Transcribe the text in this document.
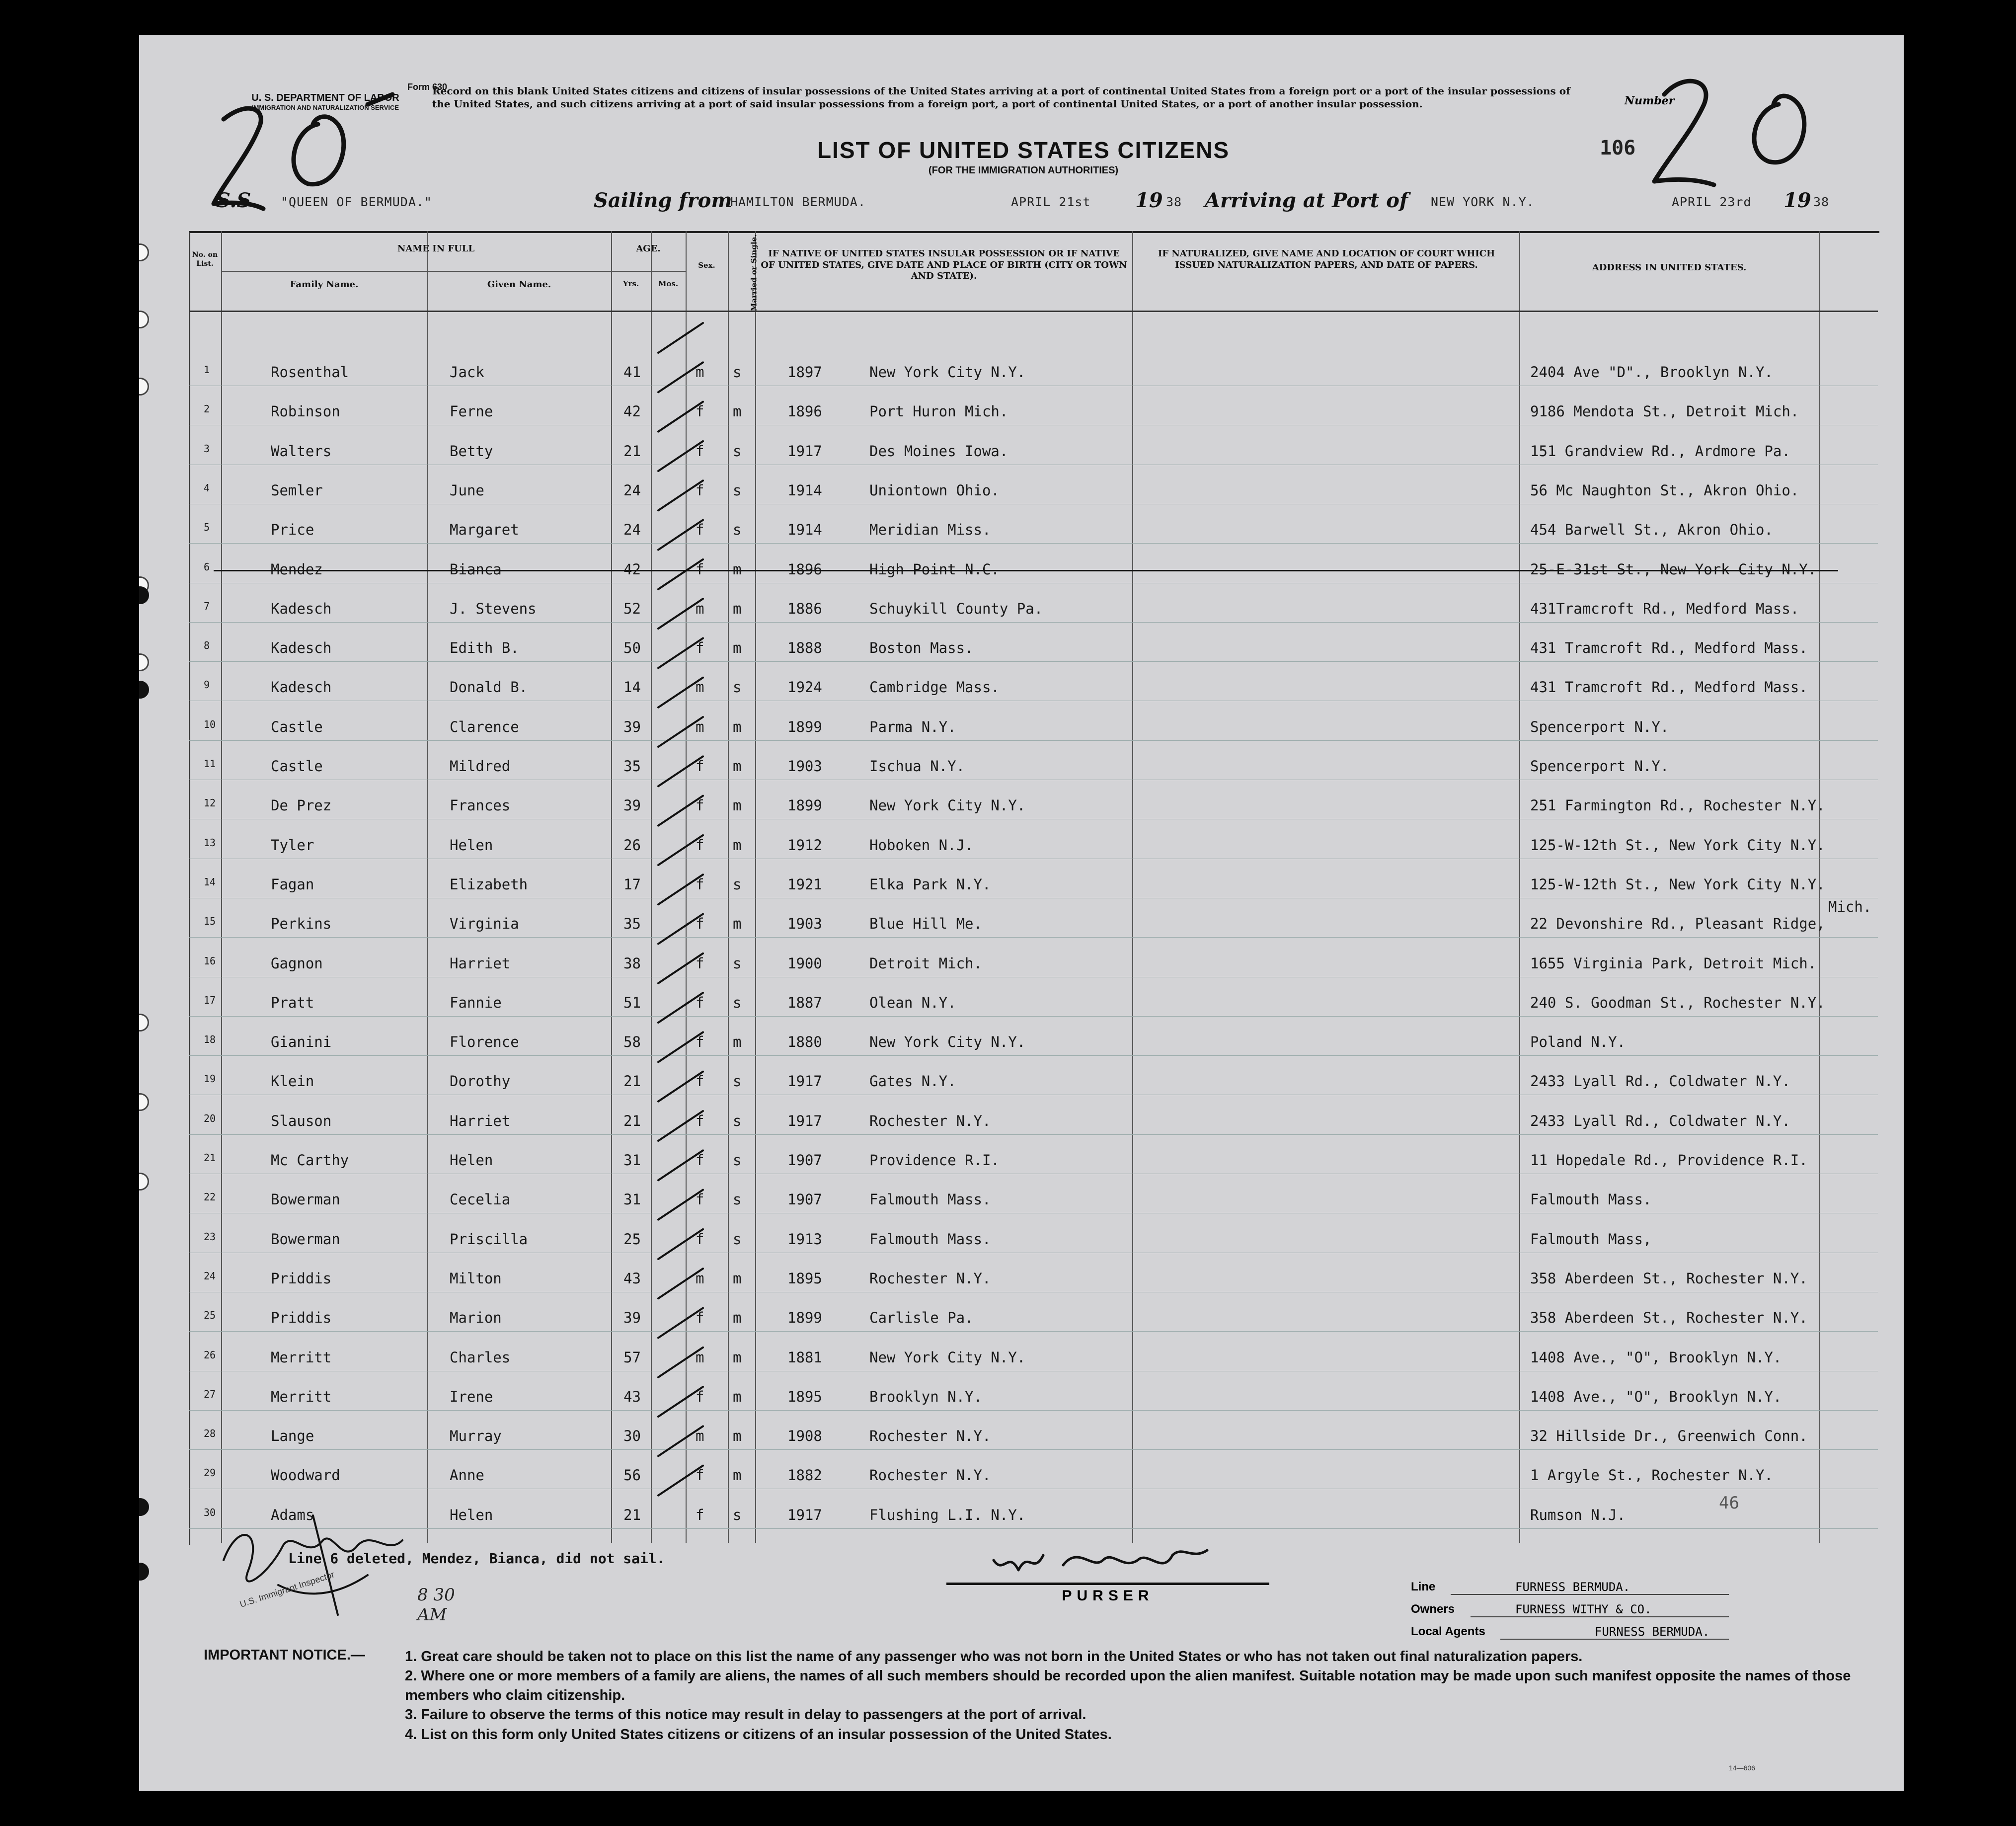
Form 630
U. S. DEPARTMENT OF LABOR
IMMIGRATION AND NATURALIZATION SERVICE
Record on this blank United States citizens and citizens of insular possessions of the United States arriving at a port of continental United States from a foreign port or a port of the insular possessions of the United States, and such citizens arriving at a port of said insular possessions from a foreign port, a port of continental United States, or a port of another insular possession.	Number
LIST OF UNITED STATES CITIZENS
(FOR THE IMMIGRATION AUTHORITIES)
106
S.S. "QUEEN OF BERMUDA."	Sailing from
HAMILTON BERMUDA.	APRIL 21st 19 38 Arriving at Port of NEW YORK N.Y.	APRIL 23rd 19 38
No. on List.
NAME IN FULL
Family Name.	Given Name.
AGE.
Yrs.	Mos.
Sex.	Married or Single.	IF NATIVE OF UNITED STATES INSULAR POSSESSION OR IF NATIVE OF UNITED STATES, GIVE DATE AND PLACE OF BIRTH (CITY OR TOWN AND STATE).
IF NATURALIZED, GIVE NAME AND LOCATION OF COURT WHICH ISSUED NATURALIZATION PAPERS, AND DATE OF PAPERS.	ADDRESS IN UNITED STATES.
1	Rosenthal	Jack	41	m s	1897	New York City N.Y.	2404 Ave "D"., Brooklyn N.Y.
2	Robinson	Ferne	42	f m	1896	Port Huron Mich.	9186 Mendota St., Detroit Mich.
3	Walters	Betty	21	f s	1917	Des Moines Iowa.	151 Grandview Rd., Ardmore Pa.
4	Semler	June	24	f s	1914	Uniontown Ohio.	56 Mc Naughton St., Akron Ohio.
5	Price	Margaret	24	f s	1914	Meridian Miss.	454 Barwell St., Akron Ohio.
6	Mendez	Bianca	42	f m	1896	High Point N.C.	25-E-31st St., New York City N.Y.
7	Kadesch	J. Stevens	52	m m	1886	Schuykill County Pa.	431Tramcroft Rd., Medford Mass.
8	Kadesch	Edith B.	50	f m	1888	Boston Mass.	431 Tramcroft Rd., Medford Mass.
9	Kadesch	Donald B.	14	m s	1924	Cambridge Mass.	431 Tramcroft Rd., Medford Mass.
10	Castle	Clarence	39	m m	1899	Parma N.Y.	Spencerport N.Y.
11	Castle	Mildred	35	f m	1903	Ischua N.Y.	Spencerport N.Y.
12	De Prez	Frances	39	f m	1899	New York City N.Y.	251 Farmington Rd., Rochester N.Y.
13	Tyler	Helen	26	f m	1912	Hoboken N.J.	125-W-12th St., New York City N.Y.
14	Fagan	Elizabeth	17	f s	1921	Elka Park N.Y.	125-W-12th St., New York City N.Y.
15	Perkins	Virginia	35	f m	1903	Blue Hill Me.	22 Devonshire Rd., Pleasant Ridge,
Mich.
16	Gagnon	Harriet	38	f s	1900	Detroit Mich.	1655 Virginia Park, Detroit Mich.
17	Pratt	Fannie	51	f s	1887	Olean N.Y.	240 S. Goodman St., Rochester N.Y.
18	Gianini	Florence	58	f m	1880	New York City N.Y.	Poland N.Y.
19	Klein	Dorothy	21	f s	1917	Gates N.Y.	2433 Lyall Rd., Coldwater N.Y.
20	Slauson	Harriet	21	f s	1917	Rochester N.Y.	2433 Lyall Rd., Coldwater N.Y.
21	Mc Carthy	Helen	31	f s	1907	Providence R.I.	11 Hopedale Rd., Providence R.I.
22	Bowerman	Cecelia	31	f s	1907	Falmouth Mass.	Falmouth Mass.
23	Bowerman	Priscilla	25	f s	1913	Falmouth Mass.	Falmouth Mass,
24	Priddis	Milton	43	m m	1895	Rochester N.Y.	358 Aberdeen St., Rochester N.Y.
25	Priddis	Marion	39	f m	1899	Carlisle Pa.	358 Aberdeen St., Rochester N.Y.
26	Merritt	Charles	57	m m	1881	New York City N.Y.	1408 Ave., "O", Brooklyn N.Y.
27	Merritt	Irene	43	f m	1895	Brooklyn N.Y.	1408 Ave., "O", Brooklyn N.Y.
28	Lange	Murray	30	m m	1908	Rochester N.Y.	32 Hillside Dr., Greenwich Conn.
29	Woodward	Anne	56	f m	1882	Rochester N.Y.	1 Argyle St., Rochester N.Y.
30	Adams	Helen	21	f s	1917	Flushing L.I. N.Y.	Rumson N.J.
46
Line 6 deleted, Mendez, Bianca, did not sail.
U.S. Immigrant Inspector	8 30 AM
PURSER
Line	FURNESS BERMUDA.
Owners	FURNESS WITHY & CO.
Local Agents	FURNESS BERMUDA.
IMPORTANT NOTICE.—	1. Great care should be taken not to place on this list the name of any passenger who was not born in the United States or who has not taken out final naturalization papers.
2. Where one or more members of a family are aliens, the names of all such members should be recorded upon the alien manifest. Suitable notation may be made upon such manifest opposite the names of those members who claim citizenship.
3. Failure to observe the terms of this notice may result in delay to passengers at the port of arrival.
4. List on this form only United States citizens or citizens of an insular possession of the United States.
14—606
